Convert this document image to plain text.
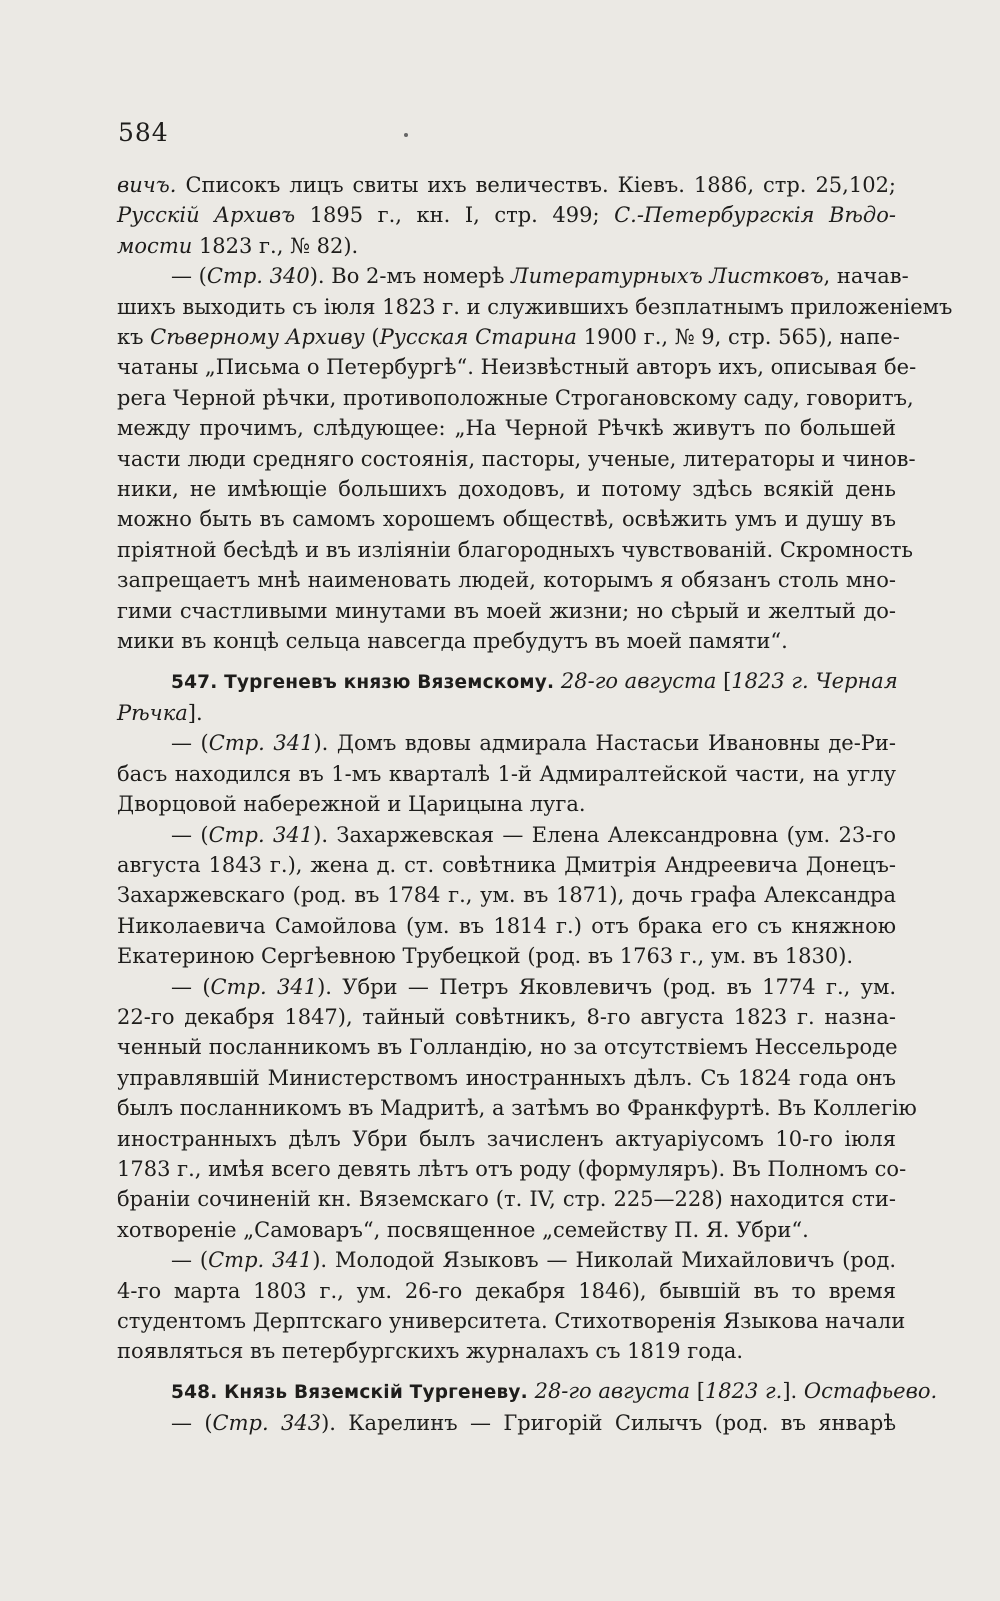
584
вичъ. Списокъ лицъ свиты ихъ величествъ. Кіевъ. 1886, стр. 25,102;
Русскій Архивъ 1895 г., кн. I, стр. 499; С.-Петербургскія Вѣдо-
мости 1823 г., № 82).
— (Стр. 340). Во 2-мъ номерѣ Литературныхъ Листковъ, начав-
шихъ выходить съ іюля 1823 г. и служившихъ безплатнымъ приложеніемъ
къ Сѣверному Архиву (Русская Старина 1900 г., № 9, стр. 565), напе-
чатаны „Письма о Петербургѣ“. Неизвѣстный авторъ ихъ, описывая бе-
рега Черной рѣчки, противоположные Строгановскому саду, говоритъ,
между прочимъ, слѣдующее: „На Черной Рѣчкѣ живутъ по большей
части люди средняго состоянія, пасторы, ученые, литераторы и чинов-
ники, не имѣющіе большихъ доходовъ, и потому здѣсь всякій день
можно быть въ самомъ хорошемъ обществѣ, освѣжить умъ и душу въ
пріятной бесѣдѣ и въ изліяніи благородныхъ чувствованій. Скромность
запрещаетъ мнѣ наименовать людей, которымъ я обязанъ столь мно-
гими счастливыми минутами въ моей жизни; но сѣрый и желтый до-
мики въ концѣ сельца навсегда пребудутъ въ моей памяти“.
547. Тургеневъ князю Вяземскому. 28-го августа [1823 г. Черная
Рѣчка].
— (Стр. 341). Домъ вдовы адмирала Настасьи Ивановны де-Ри-
басъ находился въ 1-мъ кварталѣ 1-й Адмиралтейской части, на углу
Дворцовой набережной и Царицына луга.
— (Стр. 341). Захаржевская — Елена Александровна (ум. 23-го
августа 1843 г.), жена д. ст. совѣтника Дмитрія Андреевича Донецъ-
Захаржевскаго (род. въ 1784 г., ум. въ 1871), дочь графа Александра
Николаевича Самойлова (ум. въ 1814 г.) отъ брака его съ княжною
Екатериною Сергѣевною Трубецкой (род. въ 1763 г., ум. въ 1830).
— (Стр. 341). Убри — Петръ Яковлевичъ (род. въ 1774 г., ум.
22-го декабря 1847), тайный совѣтникъ, 8-го августа 1823 г. назна-
ченный посланникомъ въ Голландію, но за отсутствіемъ Нессельроде
управлявшій Министерствомъ иностранныхъ дѣлъ. Съ 1824 года онъ
былъ посланникомъ въ Мадритѣ, а затѣмъ во Франкфуртѣ. Въ Коллегію
иностранныхъ дѣлъ Убри былъ зачисленъ актуаріусомъ 10-го іюля
1783 г., имѣя всего девять лѣтъ отъ роду (формуляръ). Въ Полномъ со-
браніи сочиненій кн. Вяземскаго (т. IV, стр. 225—228) находится сти-
хотвореніе „Самоваръ“, посвященное „семейству П. Я. Убри“.
— (Стр. 341). Молодой Языковъ — Николай Михайловичъ (род.
4-го марта 1803 г., ум. 26-го декабря 1846), бывшій въ то время
студентомъ Дерптскаго университета. Стихотворенія Языкова начали
появляться въ петербургскихъ журналахъ съ 1819 года.
548. Князь Вяземскій Тургеневу. 28-го августа [1823 г.]. Остафьево.
— (Стр. 343). Карелинъ — Григорій Силычъ (род. въ январѣ
